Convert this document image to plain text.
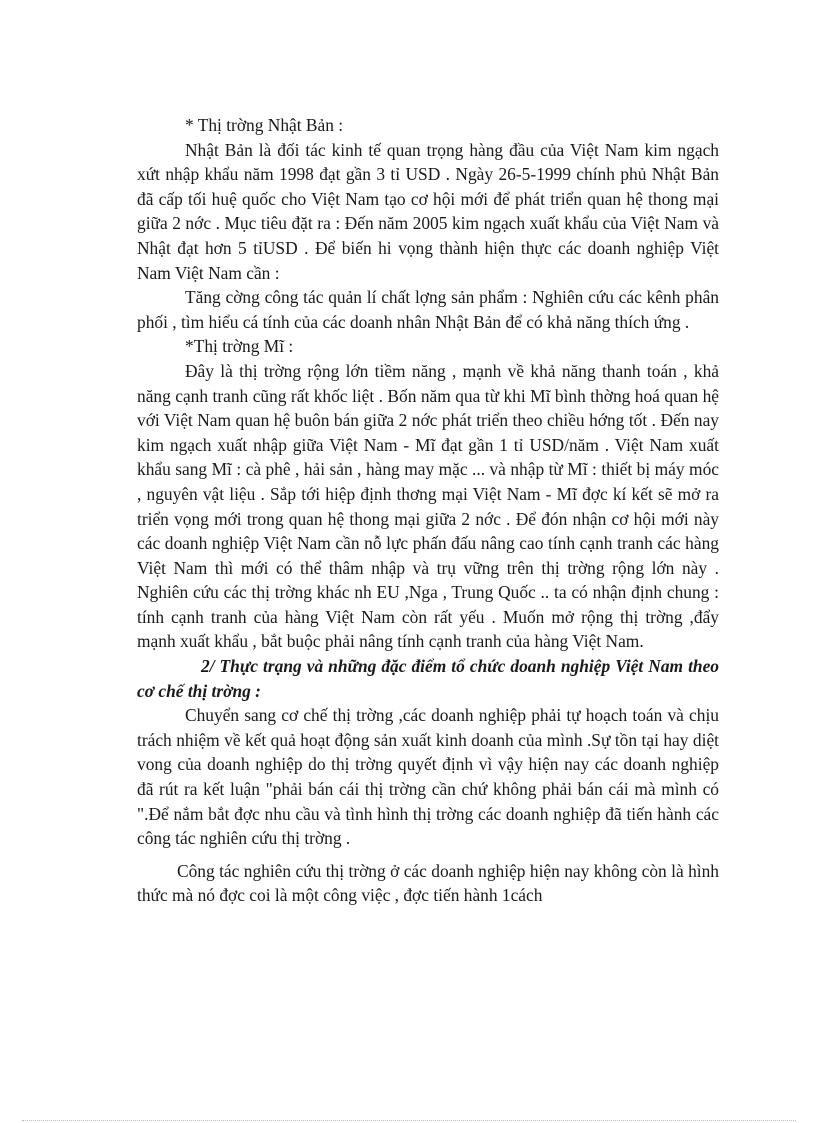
* Thị trờng Nhật Bản :

Nhật Bản là đối tác kinh tế quan trọng hàng đầu của Việt Nam kim ngạch xứt nhập khẩu năm 1998 đạt gần 3 tỉ USD . Ngày 26-5-1999 chính phủ Nhật Bản đã cấp tối huệ quốc cho Việt Nam tạo cơ hội mới để phát triển quan hệ thong mại giữa 2 nớc . Mục tiêu đặt ra : Đến năm 2005 kim ngạch xuất khẩu của Việt Nam và Nhật đạt hơn 5 tỉUSD . Để biến hi vọng thành hiện thực các doanh nghiệp Việt Nam Việt Nam cần :

Tăng cờng công tác quản lí chất lợng sản phẩm : Nghiên cứu các kênh phân phối , tìm hiểu cá tính của các doanh nhân Nhật Bản để có khả năng thích ứng .

*Thị trờng Mĩ :

Đây là thị trờng rộng lớn tiềm năng , mạnh về khả năng thanh toán , khả năng cạnh tranh cũng rất khốc liệt . Bốn năm qua từ khi Mĩ bình thờng hoá quan hệ với Việt Nam quan hệ buôn bán giữa 2 nớc phát triển theo chiều hớng tốt . Đến nay kim ngạch xuất nhập giữa Việt Nam - Mĩ đạt gần 1 tỉ USD/năm . Việt Nam xuất khẩu sang Mĩ : cà phê , hải sản , hàng may mặc ... và nhập từ Mĩ : thiết bị máy móc , nguyên vật liệu . Sắp tới hiệp định thơng mại Việt Nam - Mĩ đợc kí kết sẽ mở ra triển vọng mới trong quan hệ thong mại giữa 2 nớc . Để đón nhận cơ hội mới này các doanh nghiệp Việt Nam cần nỗ lực phấn đấu nâng cao tính cạnh tranh các hàng Việt Nam thì mới có thể thâm nhập và trụ vững trên thị trờng rộng lớn này . Nghiên cứu các thị trờng khác nh EU ,Nga , Trung Quốc .. ta có nhận định chung : tính cạnh tranh của hàng Việt Nam còn rất yếu . Muốn mở rộng thị trờng ,đẩy mạnh xuất khẩu , bắt buộc phải nâng tính cạnh tranh của hàng Việt Nam.

2/ Thực trạng và những đặc điểm tổ chức doanh nghiệp Việt Nam theo cơ chế thị trờng :

Chuyển sang cơ chế thị trờng ,các doanh nghiệp phải tự hoạch toán và chịu trách nhiệm về kết quả hoạt động sản xuất kinh doanh của mình .Sự tồn tại hay diệt vong của doanh nghiệp do thị trờng quyết định vì vậy hiện nay các doanh nghiệp đã rút ra kết luận "phải bán cái thị trờng cần chứ không phải bán cái mà mình có ".Để nắm bắt đợc nhu cầu và tình hình thị trờng các doanh nghiệp đã tiến hành các công tác nghiên cứu thị trờng .

Công tác nghiên cứu thị trờng ở các doanh nghiệp hiện nay không còn là hình thức mà nó đợc coi là một công việc , đợc tiến hành 1cách
